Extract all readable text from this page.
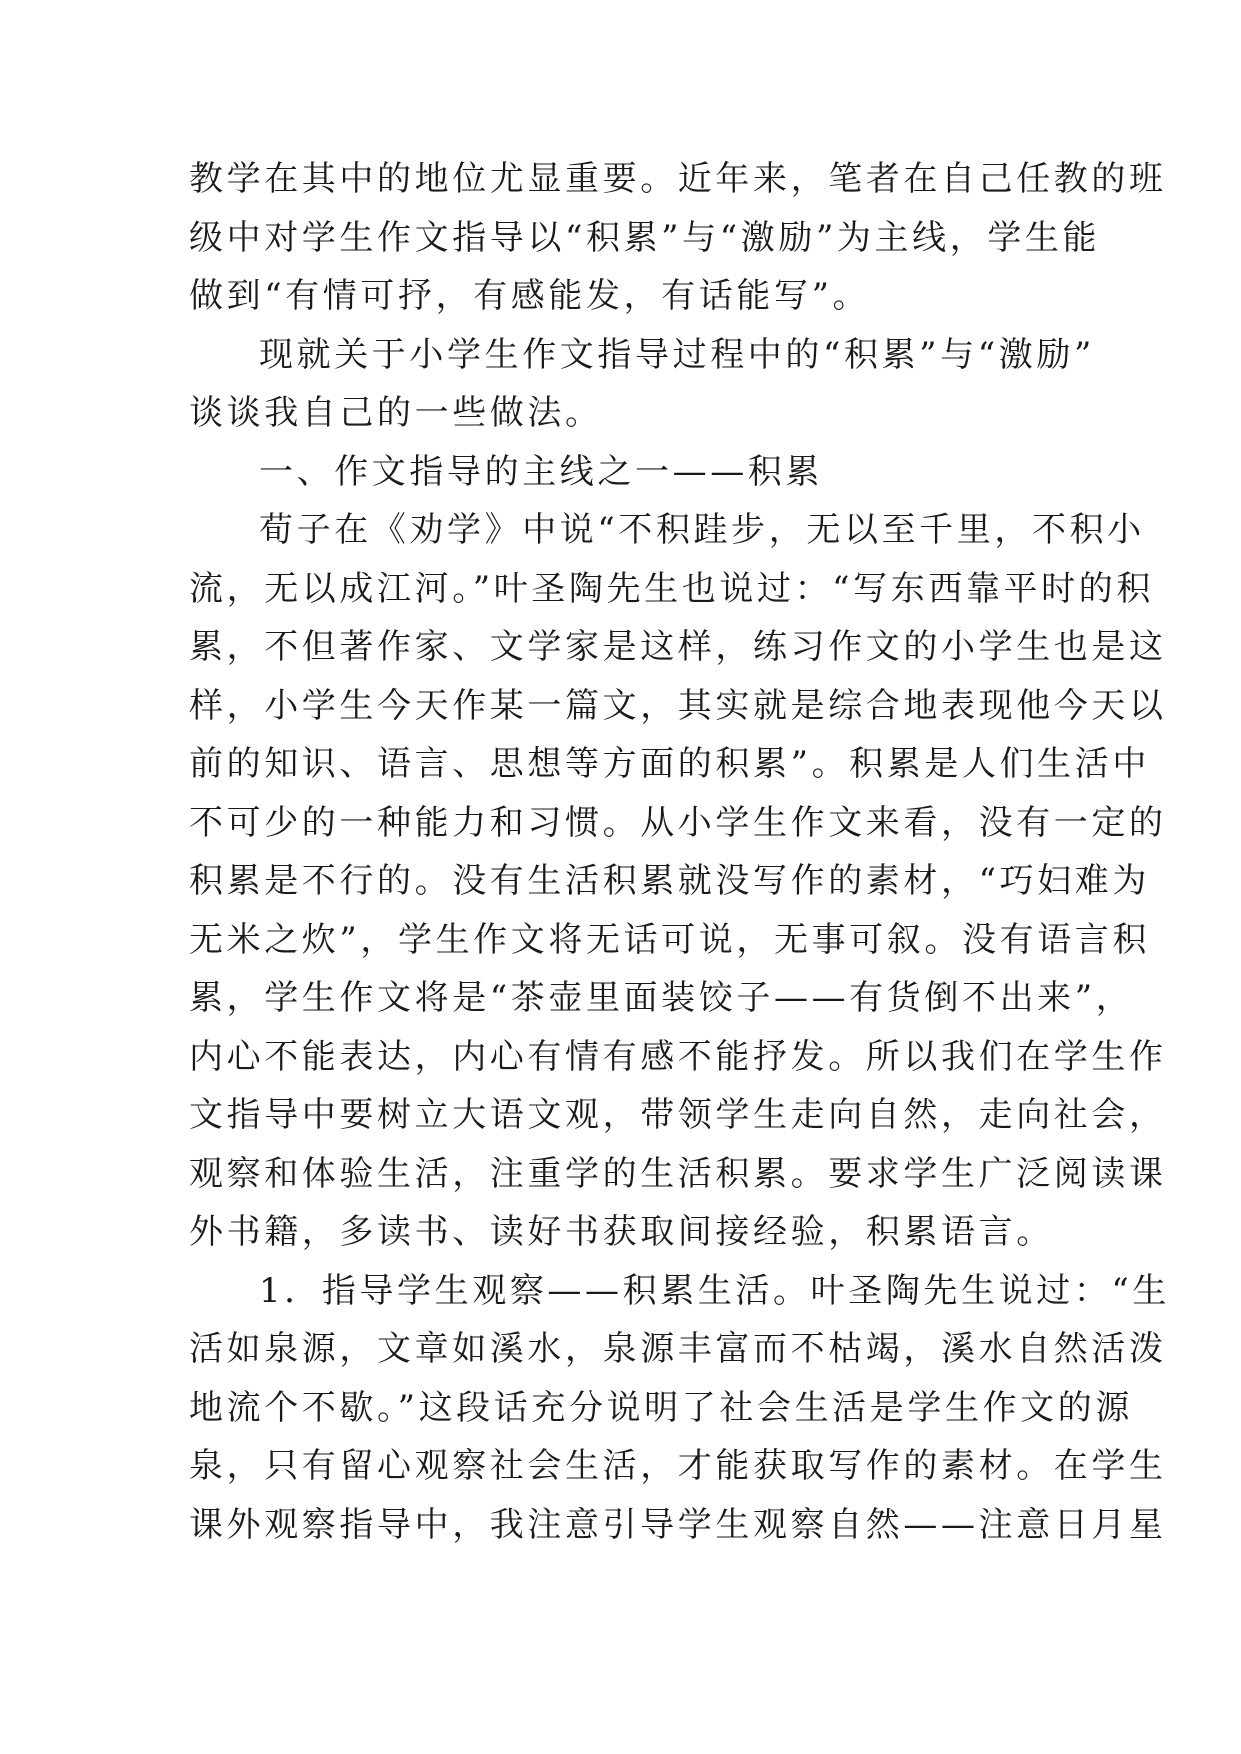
教学在其中的地位尤显重要。近年来，笔者在自己任教的班
级中对学生作文指导以“积累”与“激励”为主线，学生能
做到“有情可抒，有感能发，有话能写”。
现就关于小学生作文指导过程中的“积累”与“激励”
谈谈我自己的一些做法。
一、作文指导的主线之一——积累
荀子在《劝学》中说“不积跬步，无以至千里，不积小
流，无以成江河。”叶圣陶先生也说过：“写东西靠平时的积
累，不但著作家、文学家是这样，练习作文的小学生也是这
样，小学生今天作某一篇文，其实就是综合地表现他今天以
前的知识、语言、思想等方面的积累”。积累是人们生活中
不可少的一种能力和习惯。从小学生作文来看，没有一定的
积累是不行的。没有生活积累就没写作的素材，“巧妇难为
无米之炊”，学生作文将无话可说，无事可叙。没有语言积
累，学生作文将是“茶壶里面装饺子——有货倒不出来”，
内心不能表达，内心有情有感不能抒发。所以我们在学生作
文指导中要树立大语文观，带领学生走向自然，走向社会，
观察和体验生活，注重学的生活积累。要求学生广泛阅读课
外书籍，多读书、读好书获取间接经验，积累语言。
1．指导学生观察——积累生活。叶圣陶先生说过：“生
活如泉源，文章如溪水，泉源丰富而不枯竭，溪水自然活泼
地流个不歇。”这段话充分说明了社会生活是学生作文的源
泉，只有留心观察社会生活，才能获取写作的素材。在学生
课外观察指导中，我注意引导学生观察自然——注意日月星
